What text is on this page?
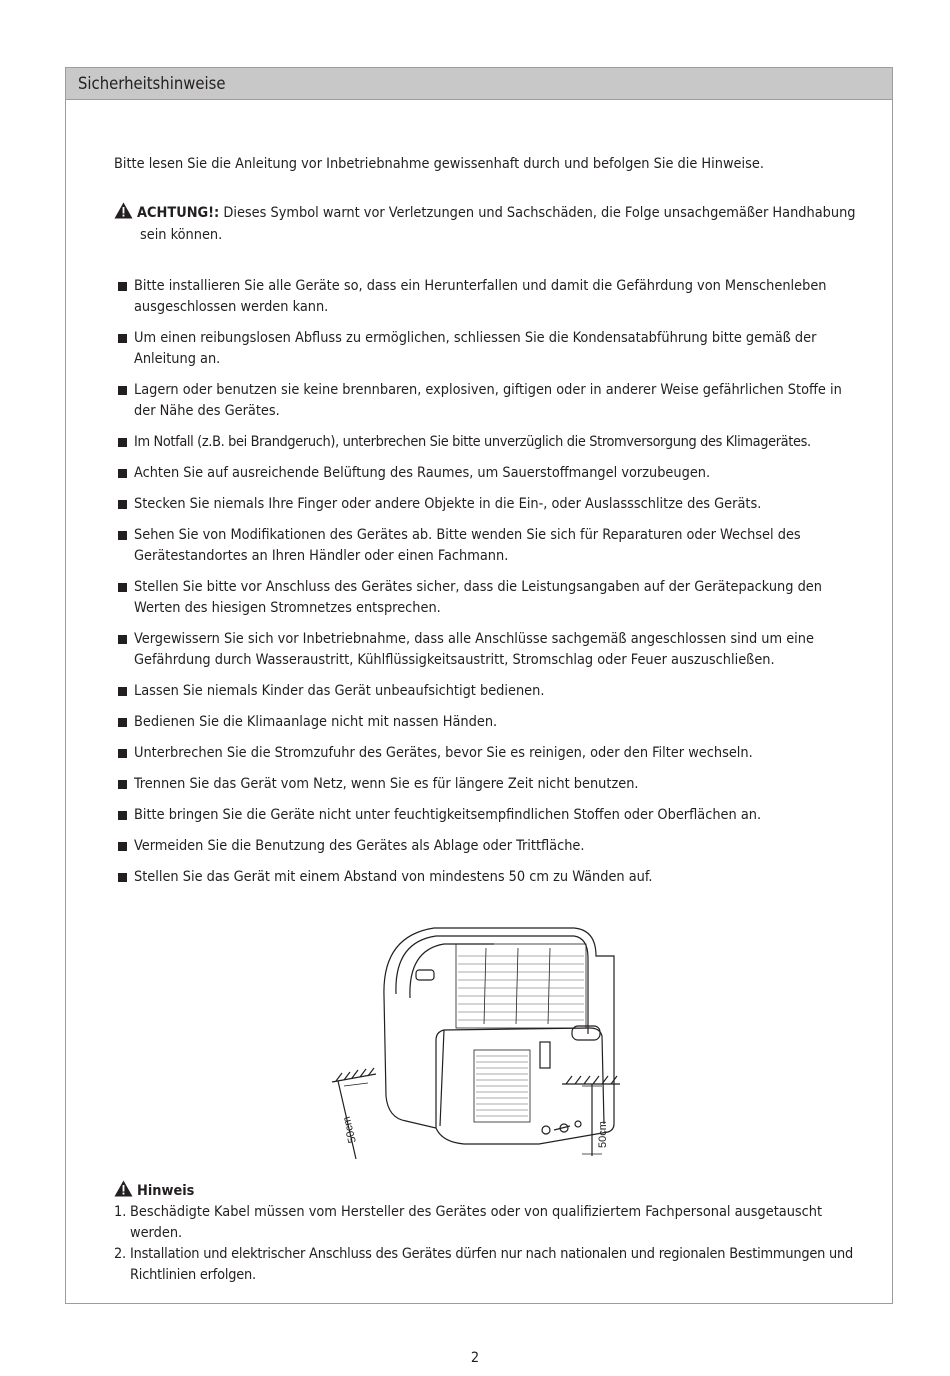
Sicherheitshinweise
Bitte lesen Sie die Anleitung vor Inbetriebnahme gewissenhaft durch und befolgen Sie die Hinweise.
ACHTUNG!: Dieses Symbol warnt vor Verletzungen und Sachschäden, die Folge unsachgemäßer Handhabung
sein können.
Bitte installieren Sie alle Geräte so, dass ein Herunterfallen und damit die Gefährdung von Menschenleben ausgeschlossen werden kann.
Um einen reibungslosen Abfluss zu ermöglichen, schliessen Sie die Kondensatabführung bitte gemäß der Anleitung an.
Lagern oder benutzen sie keine brennbaren, explosiven, giftigen oder in anderer Weise gefährlichen Stoffe in der Nähe des Gerätes.
Im Notfall (z.B. bei Brandgeruch), unterbrechen Sie bitte unverzüglich die Stromversorgung des Klimagerätes.
Achten Sie auf ausreichende Belüftung des Raumes, um Sauerstoffmangel vorzubeugen.
Stecken Sie niemals Ihre Finger oder andere Objekte in die Ein-, oder Auslassschlitze des Geräts.
Sehen Sie von Modifikationen des Gerätes ab. Bitte wenden Sie sich für Reparaturen oder Wechsel des Gerätestandortes an Ihren Händler oder einen Fachmann.
Stellen Sie bitte vor Anschluss des Gerätes sicher, dass die Leistungsangaben auf der Gerätepackung den Werten des hiesigen Stromnetzes entsprechen.
Vergewissern Sie sich vor Inbetriebnahme, dass alle Anschlüsse sachgemäß angeschlossen sind um eine Gefährdung durch Wasseraustritt, Kühlflüssigkeitsaustritt, Stromschlag oder Feuer auszuschließen.
Lassen Sie niemals Kinder das Gerät unbeaufsichtigt bedienen.
Bedienen Sie die Klimaanlage nicht mit nassen Händen.
Unterbrechen Sie die Stromzufuhr des Gerätes, bevor Sie es reinigen, oder den Filter wechseln.
Trennen Sie das Gerät vom Netz, wenn Sie es für längere Zeit nicht benutzen.
Bitte bringen Sie die Geräte nicht unter feuchtigkeitsempfindlichen Stoffen oder Oberflächen an.
Vermeiden Sie die Benutzung des Gerätes als Ablage oder Trittfläche.
Stellen Sie das Gerät mit einem Abstand von mindestens 50 cm zu Wänden auf.
50cm	50cm
Hinweis
1. Beschädigte Kabel müssen vom Hersteller des Gerätes oder von qualifiziertem Fachpersonal ausgetauscht werden.
2. Installation und elektrischer Anschluss des Gerätes dürfen nur nach nationalen und regionalen Bestimmungen und Richtlinien erfolgen.
2
